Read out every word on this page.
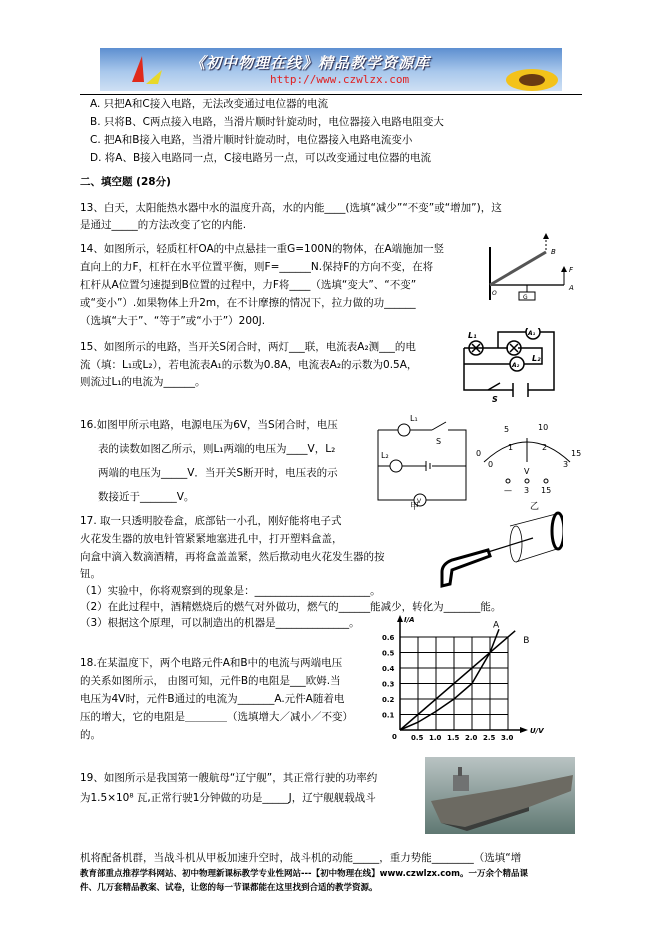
《初中物理在线》精品教学资源库
http://www.czwlzx.com
A. 只把A和C接入电路，无法改变通过电位器的电流
B. 只将B、C两点接入电路，当滑片顺时针旋动时，电位器接入电路电阻变大
C. 把A和B接入电路，当滑片顺时针旋动时，电位器接入电路电流变小
D. 将A、B接入电路同一点，C接电路另一点，可以改变通过电位器的电流
二、填空题 (28分)
13、白天，太阳能热水器中水的温度升高，水的内能____(选填“减少”“不变”或“增加”)，这
是通过_____的方法改变了它的内能.
14、如图所示，轻质杠杆OA的中点悬挂一重G=100N的物体，在A端施加一竖
直向上的力F，杠杆在水平位置平衡，则F=______N.保持F的方向不变，在将
杠杆从A位置匀速提到B位置的过程中，力F将____（选填“变大”、“不变”
或“变小”）.如果物体上升2m，在不计摩擦的情况下，拉力做的功______
（选填“大于”、“等于”或“小于”）200J.
F
B
A
O
G
15、如图所示的电路，当开关S闭合时，两灯___联，电流表A₂测___的电
流（填：L₁或L₂），若电流表A₁的示数为0.8A，电流表A₂的示数为0.5A，
则流过L₁的电流为______。
L₁
L₂
A₁
A₂
S
16.如图甲所示电路，电源电压为6V，当S闭合时，电压
表的读数如图乙所示，则L₁两端的电压为____V，L₂
两端的电压为_____V．当开关S断开时，电压表的示
数接近于_______V。
L₁
L₂
S
V
甲
0
5	10
15
0
1	2
3
V
— 3 15
乙
17. 取一只透明胶卷盒，底部钻一小孔，刚好能将电子式
火花发生器的放电针管紧紧地塞进孔中，打开塑料盒盖，
向盒中滴入数滴酒精，再将盒盖盖紧，然后揿动电火花发生器的按
钮。
（1）实验中，你将观察到的现象是：______________________。
（2）在此过程中，酒精燃烧后的燃气对外做功，燃气的______能减少，转化为_______能。
（3）根据这个原理，可以制造出的机器是______________。
18.在某温度下，两个电路元件A和B中的电流与两端电压
的关系如图所示， 由图可知，元件B的电阻是___欧姆.当
电压为4V时，元件B通过的电流为_______A.元件A随着电
压的增大，它的电阻是＿＿＿＿（选填增大／减小／不变）
的。	0.5 1.0 1.5 2.0 2.5 3.0
0.1
0.2
0.3
0.4
0.5
0.6
I/A
U/V
0
A
B
19、如图所示是我国第一艘航母“辽宁舰”，其正常行驶的功率约
为1.5×10⁸ 瓦,正常行驶1分钟做的功是_____J，辽宁舰舰载战斗
机将配备机群，当战斗机从甲板加速升空时，战斗机的动能_____，重力势能________（选填“增
教育部重点推荐学科网站、初中物理新课标教学专业性网站---【初中物理在线】www.czwlzx.com。一万余个精品课
件、几万套精品教案、试卷，让您的每一节课都能在这里找到合适的教学资源。
